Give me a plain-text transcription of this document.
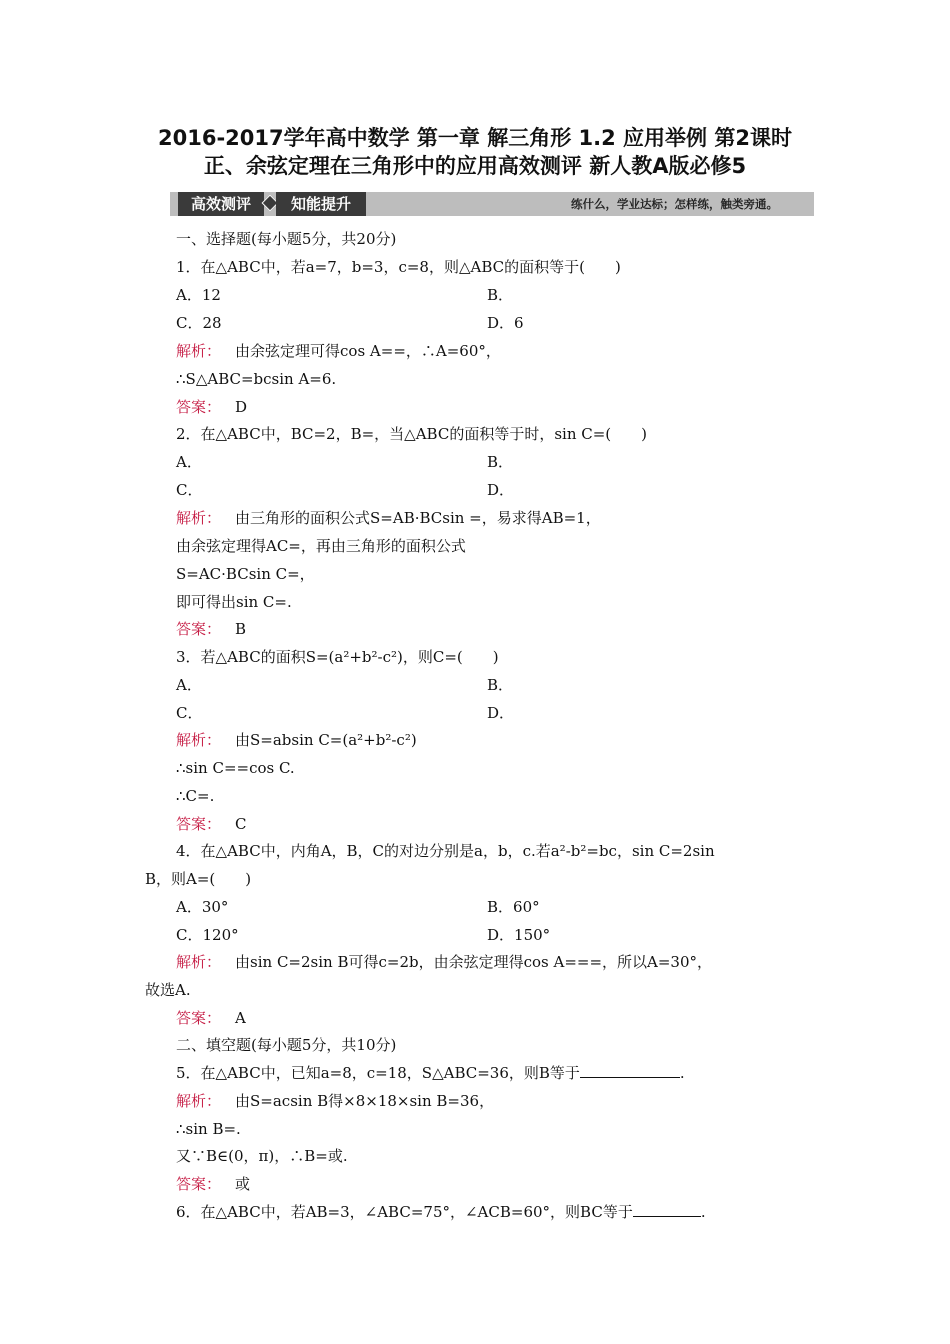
2016-2017学年高中数学 第一章 解三角形 1.2 应用举例 第2课时
正、余弦定理在三角形中的应用高效测评 新人教A版必修5
高效测评	知能提升	练什么，学业达标；怎样练，触类旁通。
一、选择题(每小题5分，共20分)
1．在△ABC中，若a=7，b=3，c=8，则△ABC的面积等于(　　)
A．12	B．
C．28	D．6
解析： 由余弦定理可得cos A==，∴A=60°，
∴S△ABC=bcsin A=6.
答案： D
2．在△ABC中，BC=2，B=，当△ABC的面积等于时，sin C=(　　)
A．	B．
C．	D．
解析： 由三角形的面积公式S=AB·BCsin =，易求得AB=1，
由余弦定理得AC=，再由三角形的面积公式
S=AC·BCsin C=，
即可得出sin C=.
答案： B
3．若△ABC的面积S=(a²+b²-c²)，则C=(　　)
A．	B．
C．	D．
解析： 由S=absin C=(a²+b²-c²)
∴sin C==cos C.
∴C=.
答案： C
4．在△ABC中，内角A，B，C的对边分别是a，b，c.若a²-b²=bc，sin C=2sin
B，则A=(　　)
A．30°	B．60°
C．120°	D．150°
解析： 由sin C=2sin B可得c=2b，由余弦定理得cos A===，所以A=30°，
故选A.
答案： A
二、填空题(每小题5分，共10分)
5．在△ABC中，已知a=8，c=18，S△ABC=36，则B等于	.
解析： 由S=acsin B得×8×18×sin B=36，
∴sin B=.
又∵B∈(0，π)，∴B=或.
答案： 或
6．在△ABC中，若AB=3，∠ABC=75°，∠ACB=60°，则BC等于	.
